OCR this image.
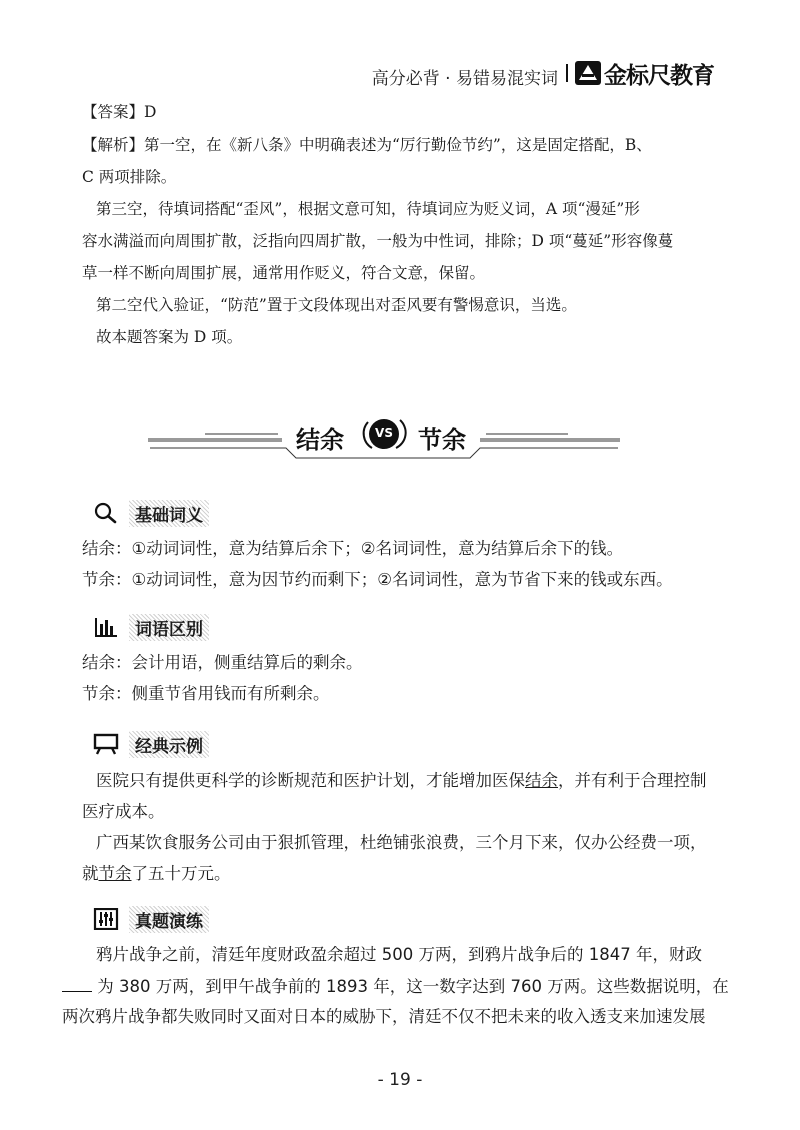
高分必背 · 易错易混实词 金标尺教育
【答案】D
【解析】第一空，在《新八条》中明确表述为“厉行勤俭节约”，这是固定搭配，B、
C 两项排除。
第三空，待填词搭配“歪风”，根据文意可知，待填词应为贬义词，A 项“漫延”形
容水满溢而向周围扩散，泛指向四周扩散，一般为中性词，排除；D 项“蔓延”形容像蔓
草一样不断向周围扩展，通常用作贬义，符合文意，保留。
第二空代入验证，“防范”置于文段体现出对歪风要有警惕意识，当选。
故本题答案为 D 项。
结余	VS 节余
基础词义
结余：①动词词性，意为结算后余下；②名词词性，意为结算后余下的钱。
节余：①动词词性，意为因节约而剩下；②名词词性，意为节省下来的钱或东西。
词语区别
结余：会计用语，侧重结算后的剩余。
节余：侧重节省用钱而有所剩余。
经典示例
医院只有提供更科学的诊断规范和医护计划，才能增加医保结余，并有利于合理控制
医疗成本。
广西某饮食服务公司由于狠抓管理，杜绝铺张浪费，三个月下来，仅办公经费一项，
就节余了五十万元。
真题演练
鸦片战争之前，清廷年度财政盈余超过 500 万两，到鸦片战争后的 1847 年，财政
为 380 万两，到甲午战争前的 1893 年，这一数字达到 760 万两。这些数据说明，在
两次鸦片战争都失败同时又面对日本的威胁下，清廷不仅不把未来的收入透支来加速发展
- 19 -
